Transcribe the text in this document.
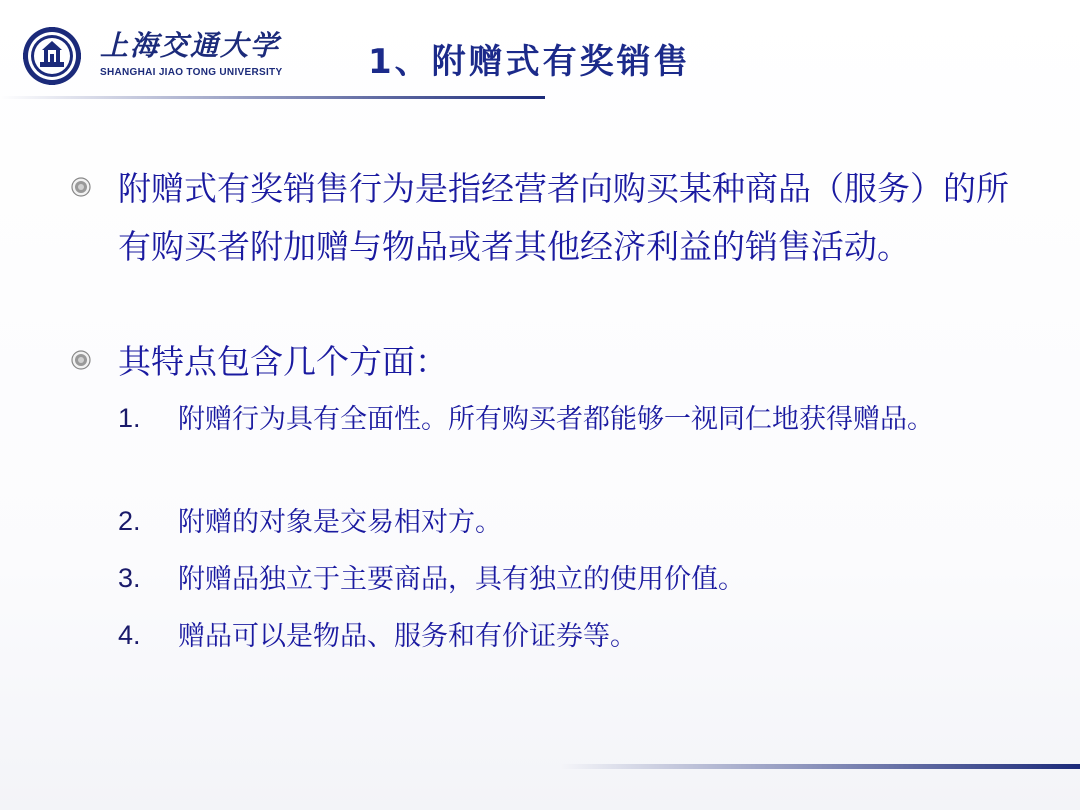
上海交通大学
SHANGHAI JIAO TONG UNIVERSITY	1、附赠式有奖销售
附赠式有奖销售行为是指经营者向购买某种商品（服务）的所有购买者附加赠与物品或者其他经济利益的销售活动。
其特点包含几个方面：
1. 附赠行为具有全面性。所有购买者都能够一视同仁地获得赠品。
2. 附赠的对象是交易相对方。
3. 附赠品独立于主要商品，具有独立的使用价值。
4. 赠品可以是物品、服务和有价证券等。
